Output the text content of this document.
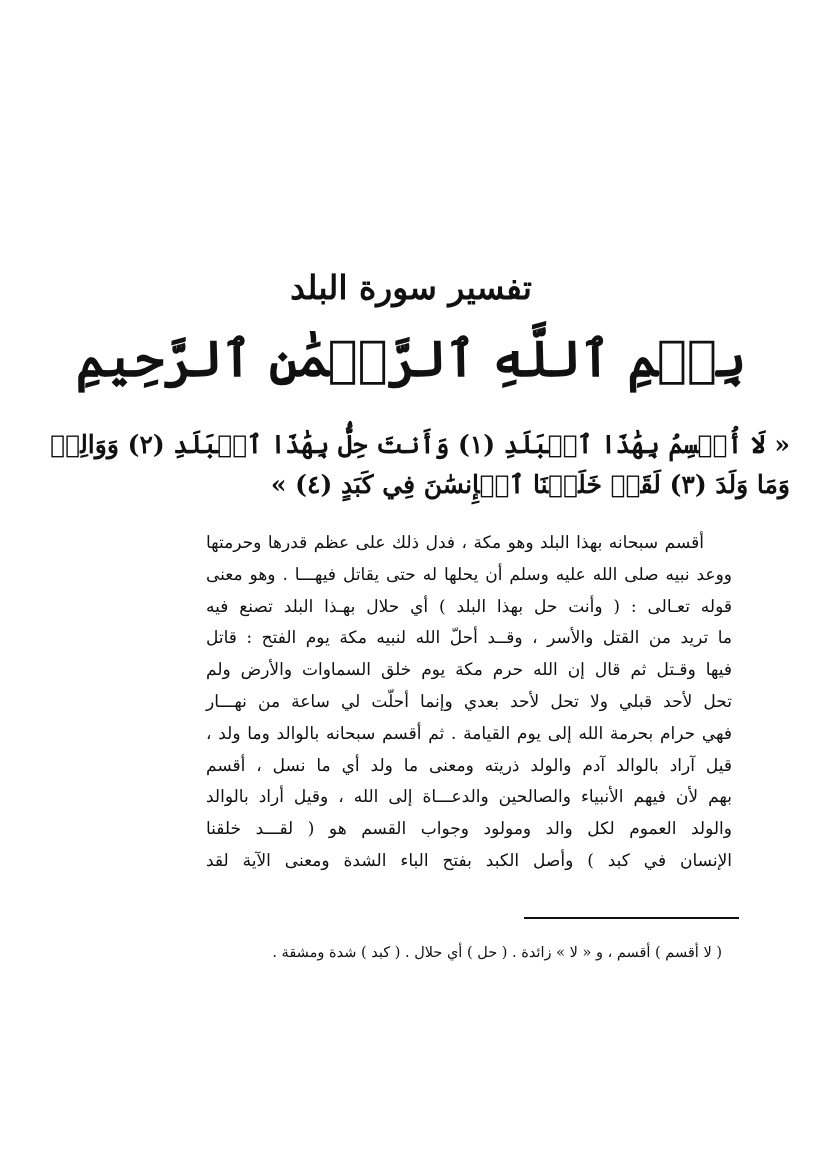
تفسير سورة البلد
بِسۡمِ ٱللَّهِ ٱلرَّحۡمَٰنِ ٱلرَّحِيمِ
« لَا أُقۡسِمُ بِهَٰذَا ٱلۡبَلَدِ (١) وَأَنتَ حِلُّۢ بِهَٰذَا ٱلۡبَلَدِ (٢) وَوَالِدٖ
وَمَا وَلَدَ (٣) لَقَدۡ خَلَقۡنَا ٱلۡإِنسَٰنَ فِي كَبَدٍ (٤) »
أقسم سبحانه بهذا البلد وهو مكة ، فدل ذلك على عظم قدرها وحرمتها
ووعد نبيه صلى الله عليه وسلم أن يحلها له حتى يقاتل فيهـــا . وهو معنى
قوله تعـالى : ( وأنت حل بهذا البلد ) أي حلال بهـذا البلد تصنع فيه
ما تريد من القتل والأسر ، وقــد أحلّ الله لنبيه مكة يوم الفتح : قاتل
فيها وقـتل ثم قال إن الله حرم مكة يوم خلق السماوات والأرض ولم
تحل لأحد قبلي ولا تحل لأحد بعدي وإنما أحلّت لي ساعة من نهـــار
فهي حرام بحرمة الله إلى يوم القيامة . ثم أقسم سبحانه بالوالد وما ولد ،
قيل آراد بالوالد آدم والولد ذريته ومعنى ما ولد أي ما نسل ، أقسم
بهم لأن فيهم الأنبياء والصالحين والدعـــاة إلى الله ، وقيل أراد بالوالد
والولد العموم لكل والد ومولود وجواب القسم هو ( لقـــد خلقنا
الإنسان في كبد ) وأصل الكبد بفتح الباء الشدة ومعنى الآية لقد
( لا أقسم ) أقسم ، و « لا » زائدة . ( حل ) أي حلال . ( كبد ) شدة ومشقة .
